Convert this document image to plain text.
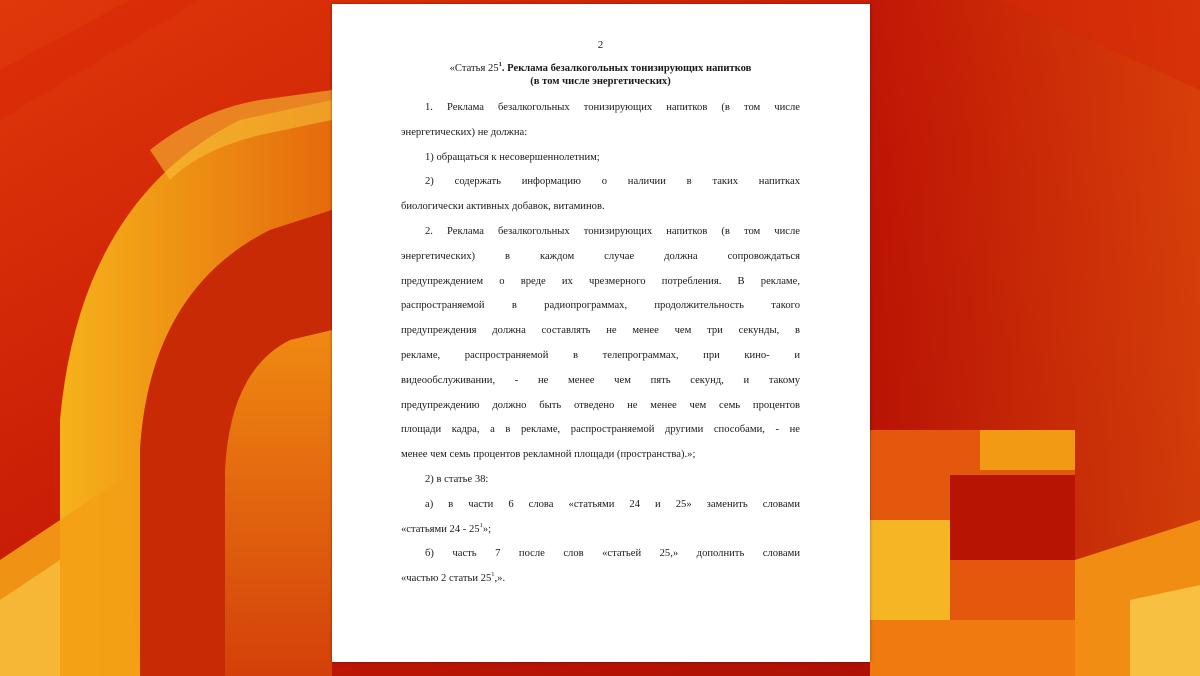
2
«Статья $25^1$. Реклама безалкогольных тонизирующих напитков
(в том числе энергетических)

1. Реклама безалкогольных тонизирующих напитков (в том числе

энергетических) не должна:

1) обращаться к несовершеннолетним;

2) содержать информацию о наличии в таких напитках

биологически активных добавок, витаминов.

2. Реклама безалкогольных тонизирующих напитков (в том числе

энергетических) в каждом случае должна сопровождаться

предупреждением о вреде их чрезмерного потребления. В рекламе,

распространяемой в радиопрограммах, продолжительность такого

предупреждения должна составлять не менее чем три секунды, в

рекламе, распространяемой в телепрограммах, при кино- и

видеообслуживании, - не менее чем пять секунд, и такому

предупреждению должно быть отведено не менее чем семь процентов

площади кадра, а в рекламе, распространяемой другими способами, - не

менее чем семь процентов рекламной площади (пространства).»;

2) в статье 38:

а) в части 6 слова «статьями 24 и 25» заменить словами

«статьями $24 - 25^1$»;

б) часть 7 после слов «статьей 25,» дополнить словами

«частью 2 статьи $25^1$,».
